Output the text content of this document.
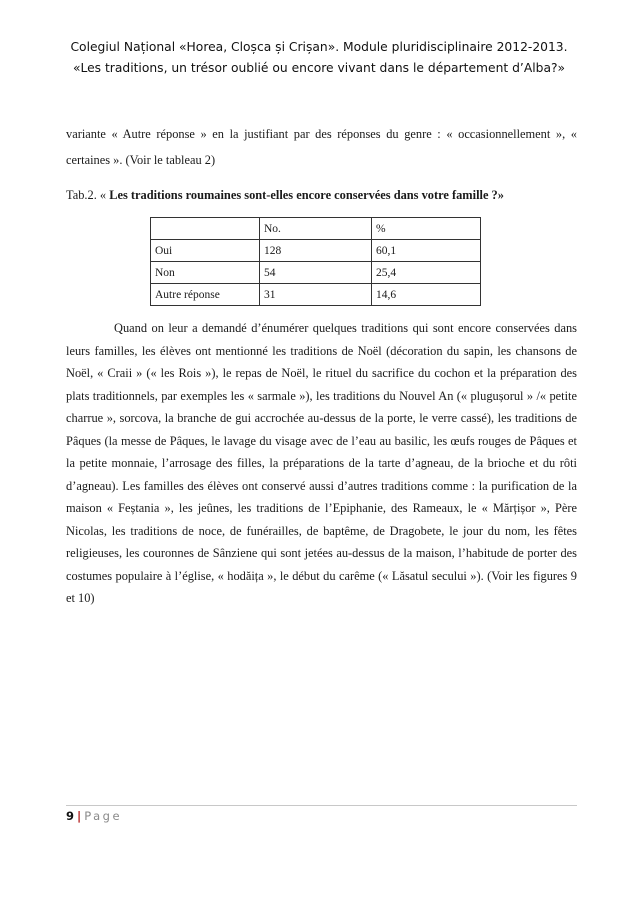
Colegiul Național «Horea, Cloșca și Crișan». Module pluridisciplinaire 2012-2013.
«Les traditions, un trésor oublié ou encore vivant dans le département d’Alba?»

variante « Autre réponse » en la justifiant par des réponses du genre : « occasionnellement », « certaines ». (Voir le tableau 2)

Tab.2. « Les traditions roumaines sont-elles encore conservées dans votre famille ?»
	No.	%
Oui	128	60,1
Non	54	25,4
Autre réponse	31	14,6

Quand on leur a demandé d’énumérer quelques traditions qui sont encore conservées dans leurs familles, les élèves ont mentionné les traditions de Noël (décoration du sapin, les chansons de Noël, « Craii » (« les Rois »), le repas de Noël, le rituel du sacrifice du cochon et la préparation des plats traditionnels, par exemples les « sarmale »), les traditions du Nouvel An (« plugușorul » /« petite charrue », sorcova, la branche de gui accrochée au-dessus de la porte, le verre cassé), les traditions de Pâques (la messe de Pâques, le lavage du visage avec de l’eau au basilic, les œufs rouges de Pâques et la petite monnaie, l’arrosage des filles, la préparations de la tarte d’agneau, de la brioche et du rôti d’agneau). Les familles des élèves ont conservé aussi d’autres traditions comme : la purification de la maison « Feștania », les jeûnes, les traditions de l’Epiphanie, des Rameaux, le « Mărțișor », Père Nicolas, les traditions de noce, de funérailles, de baptême, de Dragobete, le jour du nom, les fêtes religieuses, les couronnes de Sânziene qui sont jetées au-dessus de la maison, l’habitude de porter des costumes populaire à l’église, « hodăița », le début du carême (« Lăsatul secului »). (Voir les figures 9 et 10)

9 | Page
